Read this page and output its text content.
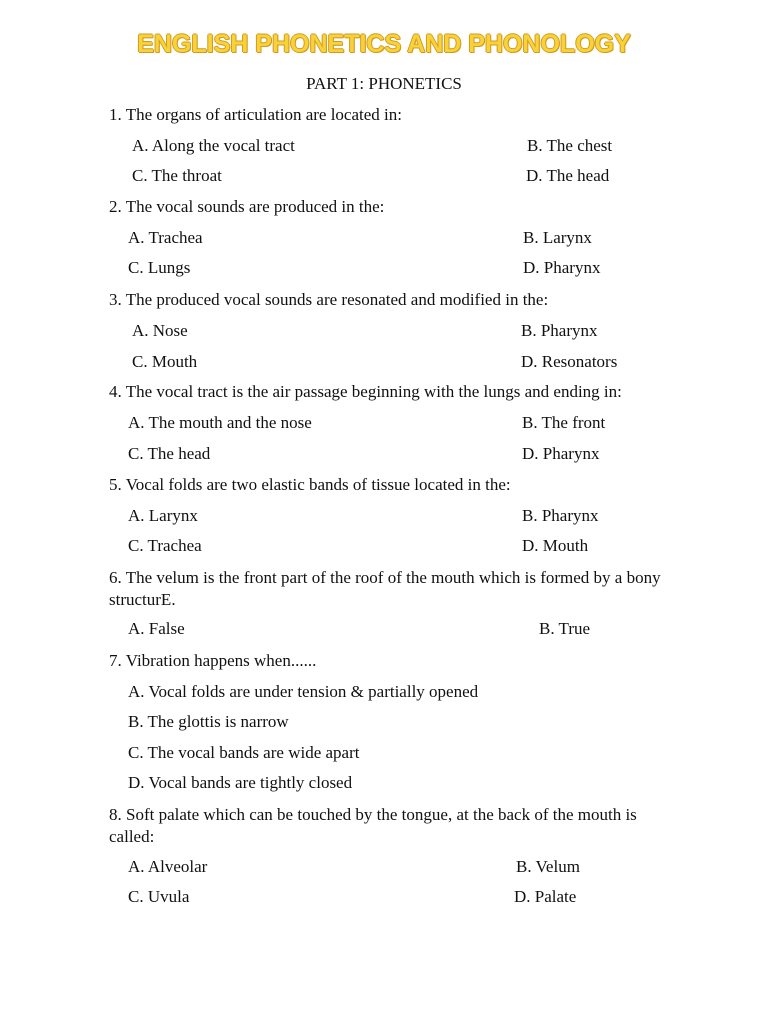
ENGLISH PHONETICS AND PHONOLOGY
PART 1: PHONETICS
1. The organs of articulation are located in:
A. Along the vocal tract	B. The chest
C. The throat	D. The head
2. The vocal sounds are produced in the:
A. Trachea	B. Larynx
C. Lungs	D. Pharynx
3. The produced vocal sounds are resonated and modified in the:
A. Nose	B. Pharynx
C. Mouth	D. Resonators
4. The vocal tract is the air passage beginning with the lungs and ending in:
A. The mouth and the nose	B. The front
C. The head	D. Pharynx
5. Vocal folds are two elastic bands of tissue located in the:
A. Larynx	B. Pharynx
C. Trachea	D. Mouth
6. The velum is the front part of the roof of the mouth which is formed by a bony structurE.
A. False	B. True
7. Vibration happens when......
A. Vocal folds are under tension & partially opened
B. The glottis is narrow
C. The vocal bands are wide apart
D. Vocal bands are tightly closed
8. Soft palate which can be touched by the tongue, at the back of the mouth is called:
A. Alveolar	B. Velum
C. Uvula	D. Palate
